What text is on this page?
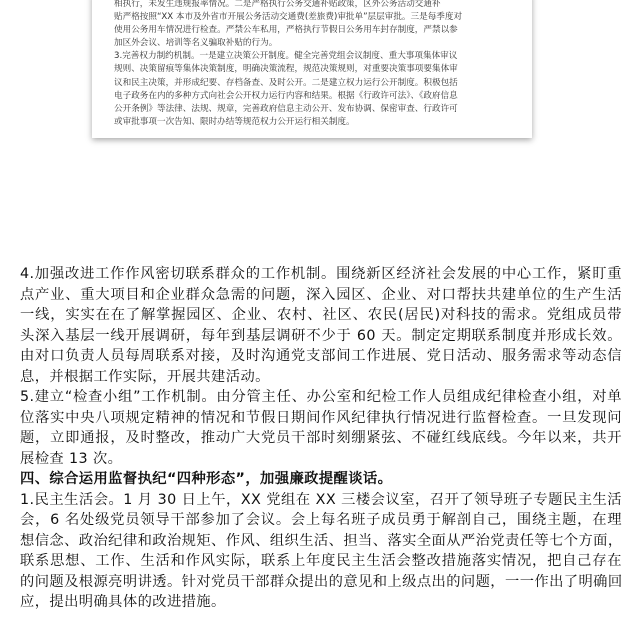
相执行，未发生违规报率情况。二是严格执行公务交通补贴政策，区外公务活动交通补
贴严格按照“XX 本市及外省市开展公务活动交通费(差旅费)审批单”层层审批。三是每季度对
使用公务用车情况进行检查。严禁公车私用，严格执行节假日公务用车封存制度，严禁以参
加区外会议、培训等名义骗取补贴的行为。
3.完善权力制约机制。一是建立决策公开制度。健全完善党组会议制度、重大事项集体审议
规则、决策留痕等集体决策制度，明确决策流程，规范决策规则，对重要决策事项要集体审
议和民主决策，并形成纪要、存档备查、及时公开。二是建立权力运行公开制度。积极包括
电子政务在内的多种方式向社会公开权力运行内容和结果。根据《行政许可法》、《政府信息
公开条例》等法律、法规、规章，完善政府信息主动公开、发布协调、保密审查、行政许可
或审批事项一次告知、限时办结等规范权力公开运行相关制度。
4.加强改进工作作风密切联系群众的工作机制。围绕新区经济社会发展的中心工作，紧盯重
点产业、重大项目和企业群众急需的问题，深入园区、企业、对口帮扶共建单位的生产生活
一线，实实在在了解掌握园区、企业、农村、社区、农民(居民)对科技的需求。党组成员带
头深入基层一线开展调研，每年到基层调研不少于 60 天。制定定期联系制度并形成长效。
由对口负责人员每周联系对接，及时沟通党支部间工作进展、党日活动、服务需求等动态信
息，并根据工作实际，开展共建活动。
5.建立“检查小组”工作机制。由分管主任、办公室和纪检工作人员组成纪律检查小组，对单
位落实中央八项规定精神的情况和节假日期间作风纪律执行情况进行监督检查。一旦发现问
题，立即通报，及时整改，推动广大党员干部时刻绷紧弦、不碰红线底线。今年以来，共开
展检查 13 次。
四、综合运用监督执纪“四种形态”，加强廉政提醒谈话。
1.民主生活会。1 月 30 日上午，XX 党组在 XX 三楼会议室，召开了领导班子专题民主生活
会，6 名处级党员领导干部参加了会议。会上每名班子成员勇于解剖自己，围绕主题，在理
想信念、政治纪律和政治规矩、作风、组织生活、担当、落实全面从严治党责任等七个方面，
联系思想、工作、生活和作风实际，联系上年度民主生活会整改措施落实情况，把自己存在
的问题及根源亮明讲透。针对党员干部群众提出的意见和上级点出的问题，一一作出了明确回
应，提出明确具体的改进措施。
